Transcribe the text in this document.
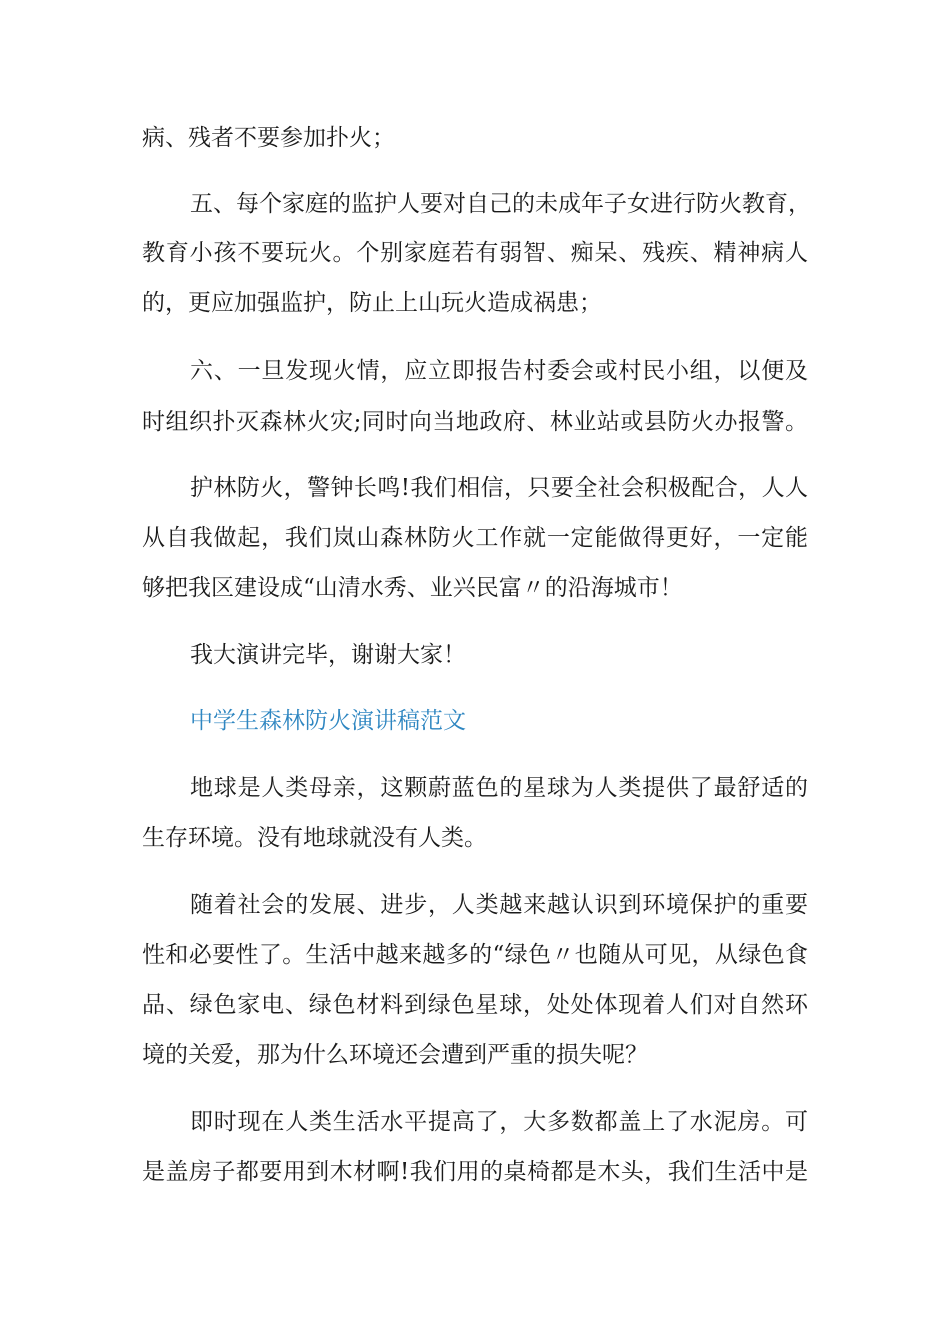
病、残者不要参加扑火；

五、每个家庭的监护人要对自己的未成年子女进行防火教育，

教育小孩不要玩火。个别家庭若有弱智、痴呆、残疾、精神病人

的，更应加强监护，防止上山玩火造成祸患；

六、一旦发现火情，应立即报告村委会或村民小组，以便及

时组织扑灭森林火灾;同时向当地政府、林业站或县防火办报警。

护林防火，警钟长鸣!我们相信，只要全社会积极配合，人人

从自我做起，我们岚山森林防火工作就一定能做得更好，一定能

够把我区建设成“山清水秀、业兴民富〃的沿海城市！

我大演讲完毕，谢谢大家！

中学生森林防火演讲稿范文

地球是人类母亲，这颗蔚蓝色的星球为人类提供了最舒适的

生存环境。没有地球就没有人类。

随着社会的发展、进步，人类越来越认识到环境保护的重要

性和必要性了。生活中越来越多的“绿色〃也随从可见，从绿色食

品、绿色家电、绿色材料到绿色星球，处处体现着人们对自然环

境的关爱，那为什么环境还会遭到严重的损失呢？

即时现在人类生活水平提高了，大多数都盖上了水泥房。可

是盖房子都要用到木材啊!我们用的桌椅都是木头，我们生活中是
